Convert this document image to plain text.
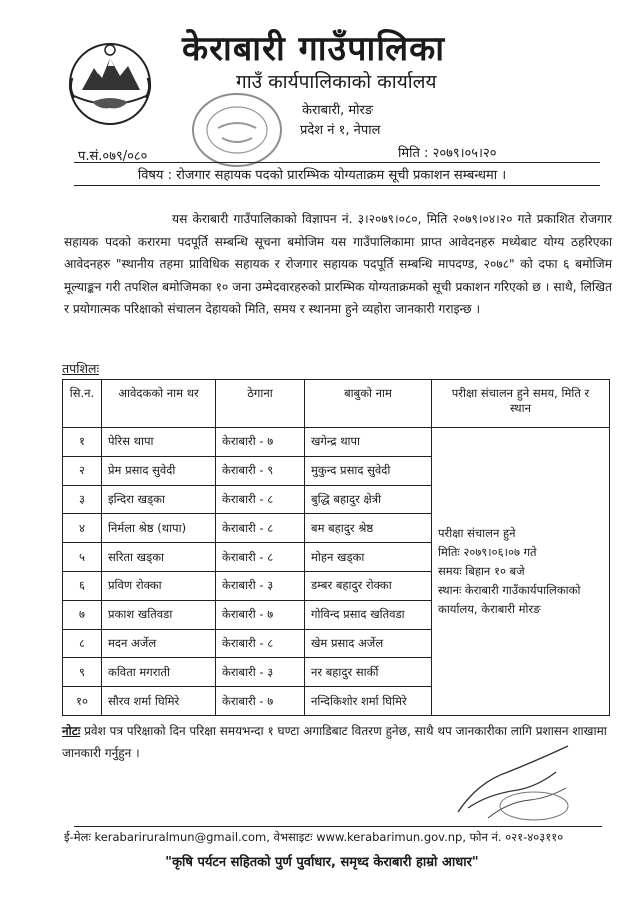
केराबारी गाउँपालिका
गाउँ कार्यपालिकाको कार्यालय
केराबारी, मोरङ
प्रदेश नं १, नेपाल
प.सं.०७९/०८०	मिति : २०७९।०५।२०
विषय : रोजगार सहायक पदको प्रारम्भिक योग्यताक्रम सूची प्रकाशन सम्बन्धमा ।
यस केराबारी गाउँपालिकाको विज्ञापन नं. ३।२०७९।०८०, मिति २०७९।०४।२० गते प्रकाशित रोजगार सहायक पदको करारमा पदपूर्ति सम्बन्धि सूचना बमोजिम यस गाउँपालिकामा प्राप्त आवेदनहरु मध्येबाट योग्य ठहरिएका आवेदनहरु "स्थानीय तहमा प्राविधिक सहायक र रोजगार सहायक पदपूर्ति सम्बन्धि मापदण्ड, २०७८" को दफा ६ बमोजिम मूल्याङ्कन गरी तपशिल बमोजिमका १० जना उम्मेदवारहरुको प्रारम्भिक योग्यताक्रमको सूची प्रकाशन गरिएको छ । साथै, लिखित र प्रयोगात्मक परिक्षाको संचालन देहायको मिति, समय र स्थानमा हुने व्यहोरा जानकारी गराइन्छ ।
तपशिलः
सि.न.	आवेदकको नाम थर	ठेगाना	बाबुको नाम	परीक्षा संचालन हुने समय, मिति र स्थान
१	पेरिस थापा	केराबारी - ७	खगेन्द्र थापा	परीक्षा संचालन हुने
मितिः २०७९।०६।०७ गते
समयः बिहान १० बजे
स्थानः केराबारी गाउँकार्यपालिकाको
कार्यालय, केराबारी मोरङ

२	प्रेम प्रसाद सुवेदी	केराबारी - ९	मुकुन्द प्रसाद सुवेदी	
३	इन्दिरा खड्का	केराबारी - ८	बुद्धि बहादुर क्षेत्री	
४	निर्मला श्रेष्ठ (थापा)	केराबारी - ८	बम बहादुर श्रेष्ठ	
५	सरिता खड्का	केराबारी - ८	मोहन खड्का	
६	प्रविण रोक्का	केराबारी - ३	डम्बर बहादुर रोक्का	
७	प्रकाश खतिवडा	केराबारी - ७	गोविन्द प्रसाद खतिवडा	
८	मदन अर्जेल	केराबारी - ८	खेम प्रसाद अर्जेल	
९	कविता मगराती	केराबारी - ३	नर बहादुर सार्की	
१०	सौरव शर्मा घिमिरे	केराबारी - ७	नन्दिकिशोर शर्मा घिमिरे	
नोटः प्रवेश पत्र परिक्षाको दिन परिक्षा समयभन्दा १ घण्टा अगाडिबाट वितरण हुनेछ, साथै थप जानकारीका लागि प्रशासन शाखामा जानकारी गर्नुहुन ।
ई-मेलः kerabariruralmun@gmail.com, वेभसाइटः www.kerabarimun.gov.np, फोन नं. ०२१-४०३११०
"कृषि पर्यटन सहितको पुर्ण पुर्वाधार, समृध्द केराबारी हाम्रो आधार"
